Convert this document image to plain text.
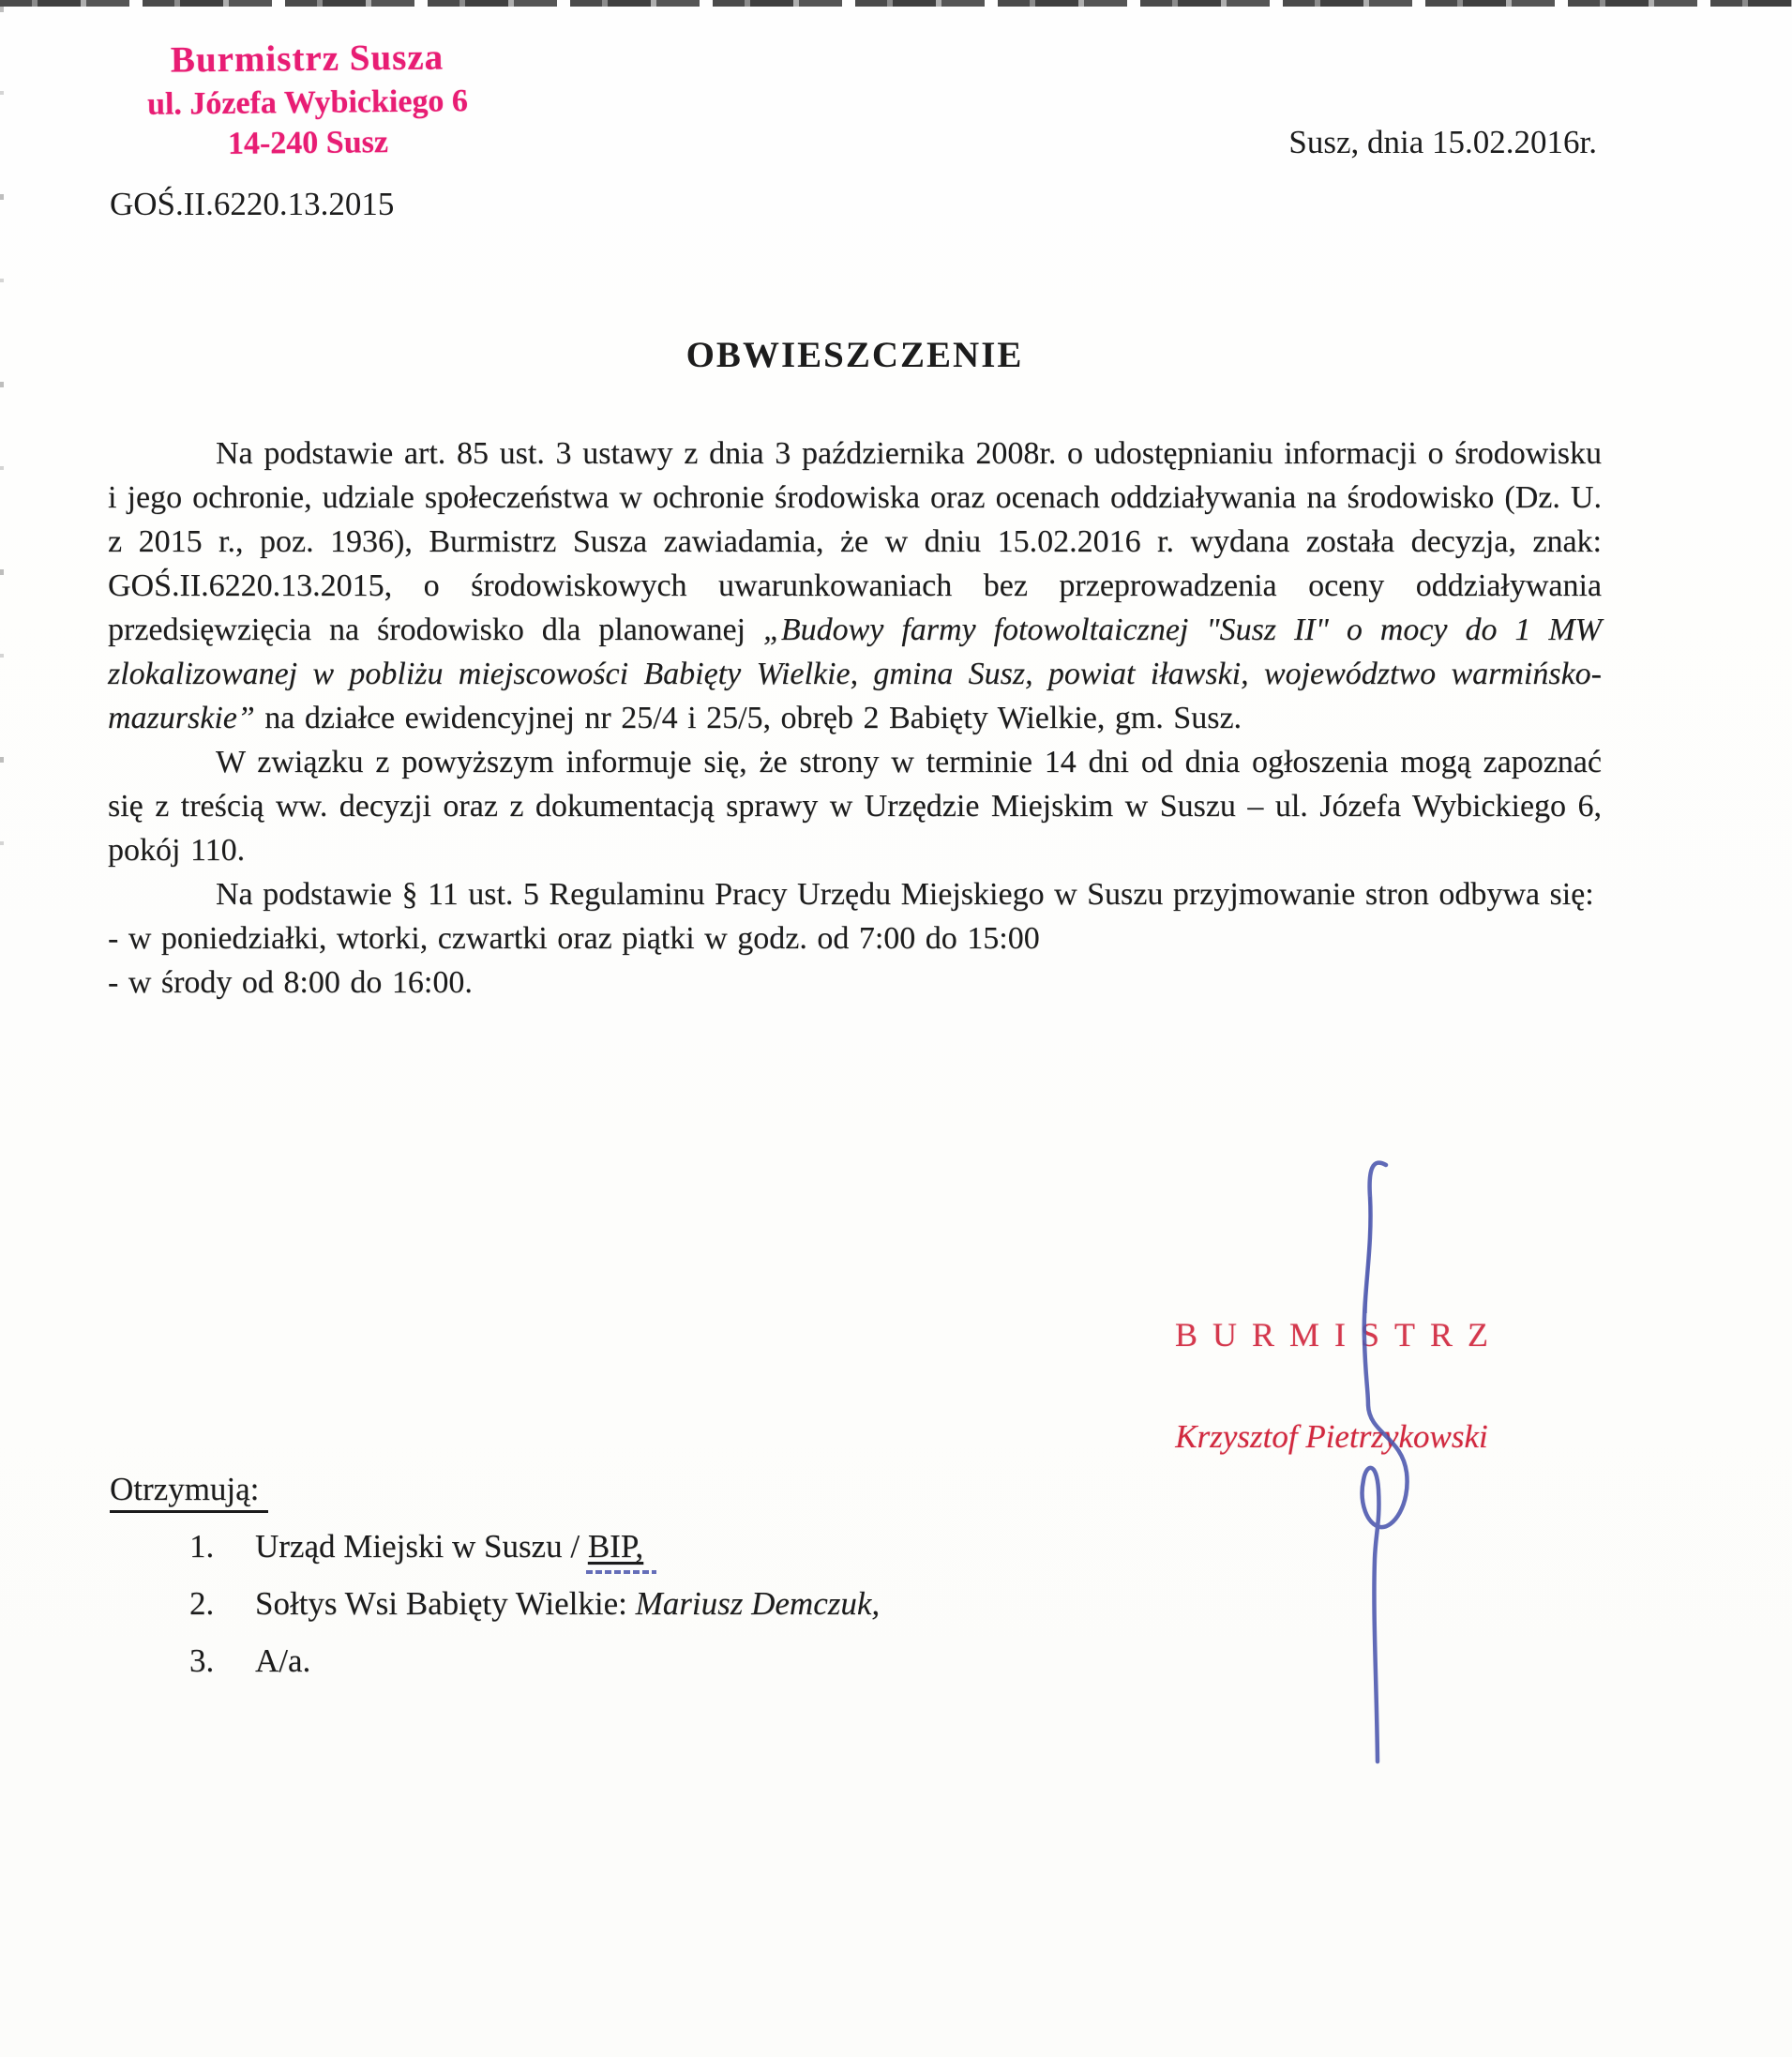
Burmistrz Susza
ul. Józefa Wybickiego 6
14-240 Susz	Susz, dnia 15.02.2016r.
GOŚ.II.6220.13.2015
OBWIESZCZENIE

Na podstawie art. 85 ust. 3 ustawy z dnia 3 października 2008r. o udostępnianiu informacji o środowisku i jego ochronie, udziale społeczeństwa w ochronie środowiska oraz ocenach oddziaływania na środowisko (Dz. U. z 2015 r., poz. 1936), Burmistrz Susza zawiadamia, że w dniu 15.02.2016 r. wydana została decyzja, znak: GOŚ.II.6220.13.2015, o środowiskowych uwarunkowaniach bez przeprowadzenia oceny oddziaływania przedsięwzięcia na środowisko dla planowanej „Budowy farmy fotowoltaicznej "Susz II" o mocy do 1 MW zlokalizowanej w pobliżu miejscowości Babięty Wielkie, gmina Susz, powiat iławski, województwo warmińsko-mazurskie” na działce ewidencyjnej nr 25/4 i 25/5, obręb 2 Babięty Wielkie, gm. Susz.

W związku z powyższym informuje się, że strony w terminie 14 dni od dnia ogłoszenia mogą zapoznać się z treścią ww. decyzji oraz z dokumentacją sprawy w Urzędzie Miejskim w Suszu – ul. Józefa Wybickiego 6, pokój 110.

Na podstawie § 11 ust. 5 Regulaminu Pracy Urzędu Miejskiego w Suszu przyjmowanie stron odbywa się:

- w poniedziałki, wtorki, czwartki oraz piątki w godz. od 7:00 do 15:00
- w środy od 8:00 do 16:00.
BURMISTRZ
Krzysztof Pietrzykowski
Otrzymują:
1.	Urząd Miejski w Suszu / BIP,
2.	Sołtys Wsi Babięty Wielkie: Mariusz Demczuk,
3.	A/a.
